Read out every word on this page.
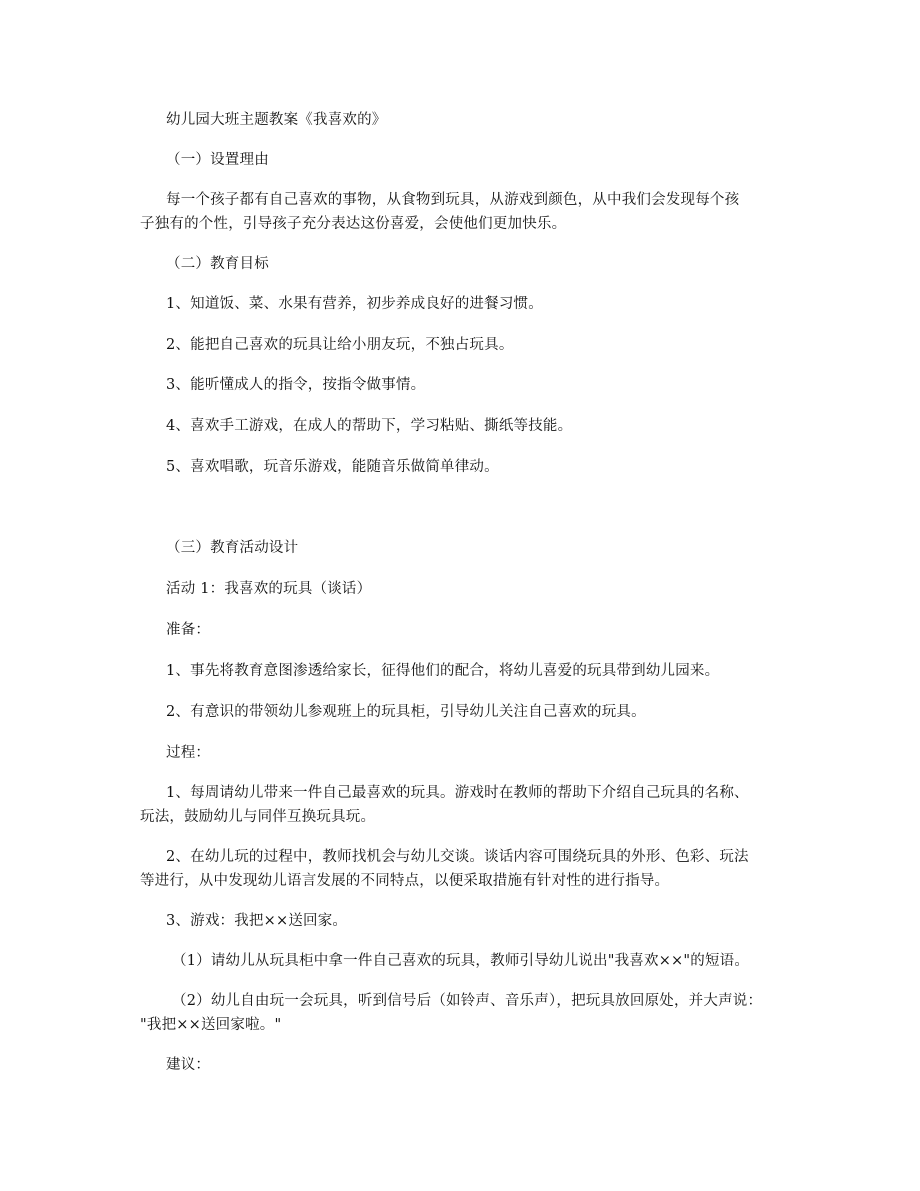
幼儿园大班主题教案《我喜欢的》
（一）设置理由
每一个孩子都有自己喜欢的事物，从食物到玩具，从游戏到颜色，从中我们会发现每个孩
子独有的个性，引导孩子充分表达这份喜爱，会使他们更加快乐。
（二）教育目标
1、知道饭、菜、水果有营养，初步养成良好的进餐习惯。
2、能把自己喜欢的玩具让给小朋友玩，不独占玩具。
3、能听懂成人的指令，按指令做事情。
4、喜欢手工游戏，在成人的帮助下，学习粘贴、撕纸等技能。
5、喜欢唱歌，玩音乐游戏，能随音乐做简单律动。
（三）教育活动设计
活动 1：我喜欢的玩具（谈话）
准备：
1、事先将教育意图渗透给家长，征得他们的配合，将幼儿喜爱的玩具带到幼儿园来。
2、有意识的带领幼儿参观班上的玩具柜，引导幼儿关注自己喜欢的玩具。
过程：
1、每周请幼儿带来一件自己最喜欢的玩具。游戏时在教师的帮助下介绍自己玩具的名称、
玩法，鼓励幼儿与同伴互换玩具玩。
2、在幼儿玩的过程中，教师找机会与幼儿交谈。谈话内容可围绕玩具的外形、色彩、玩法
等进行，从中发现幼儿语言发展的不同特点，以便采取措施有针对性的进行指导。
3、游戏：我把××送回家。
（1）请幼儿从玩具柜中拿一件自己喜欢的玩具，教师引导幼儿说出"我喜欢××"的短语。
（2）幼儿自由玩一会玩具，听到信号后（如铃声、音乐声），把玩具放回原处，并大声说：
"我把××送回家啦。"
建议：
